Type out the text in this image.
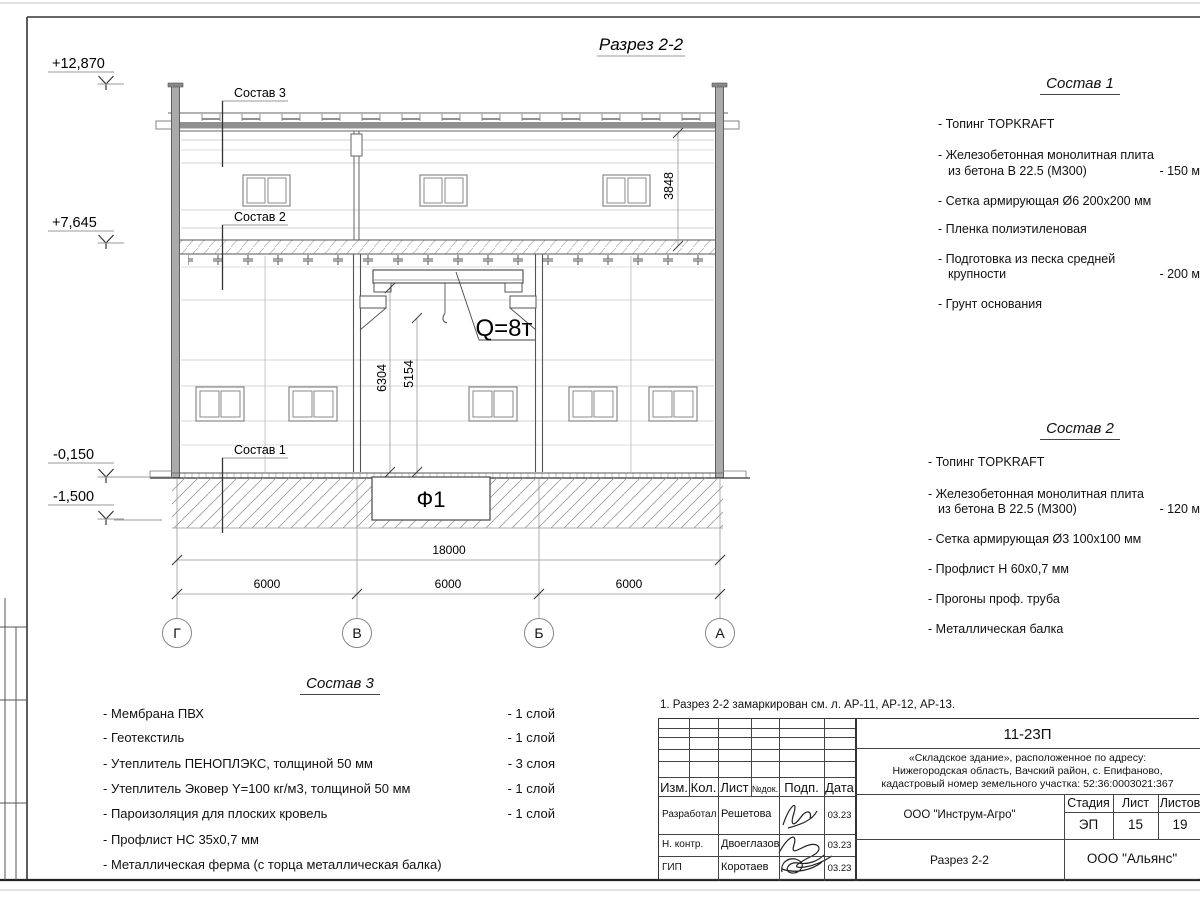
3848
6304 5154
18000
6000	6000	6000
Г	В	Б	А
+12,870
+7,645
-0,150
-1,500
Разрез 2-2
Состав 3
Состав 2
Состав 1
Q=8т
Ф1
Состав 1
- Топинг TOPKRAFT
- Железобетонная монолитная плита
из бетона В 22.5 (М300)	- 150 м
- Сетка армирующая Ø6 200х200 мм
- Пленка полиэтиленовая
- Подготовка из песка средней
крупности	- 200 м
- Грунт основания
Состав 2
- Топинг TOPKRAFT
- Железобетонная монолитная плита
из бетона В 22.5 (М300)	- 120 м
- Сетка армирующая Ø3 100х100 мм
- Профлист Н 60х0,7 мм
- Прогоны проф. труба
- Металлическая балка
Состав 3
- Мембрана ПВХ	- 1 слой
- Геотекстиль	- 1 слой
- Утеплитель ПЕНОПЛЭКС, толщиной 50 мм	- 3 слоя
- Утеплитель Эковер Y=100 кг/м3, толщиной 50 мм	- 1 слой
- Пароизоляция для плоских кровель	- 1 слой
- Профлист НС 35х0,7 мм
- Металлическая ферма (с торца металлическая балка)
1. Разрез 2-2 замаркирован см. л. АР-11, АР-12, АР-13.
Изм. Кол. Лист №док. Подп. Дата
Разработал Решетова	03.23
Н. контр. Двоеглазов	03.23
ГИП	Коротаев	03.23
11-23П
«Складское здание», расположенное по адресу:
Нижегородская область, Вачский район, с. Епифаново,
кадастровый номер земельного участка: 52:36:0003021:367
ООО "Инструм-Агро"
Стадия Лист Листов
ЭП	15	19
Разрез 2-2	ООО "Альянс"
